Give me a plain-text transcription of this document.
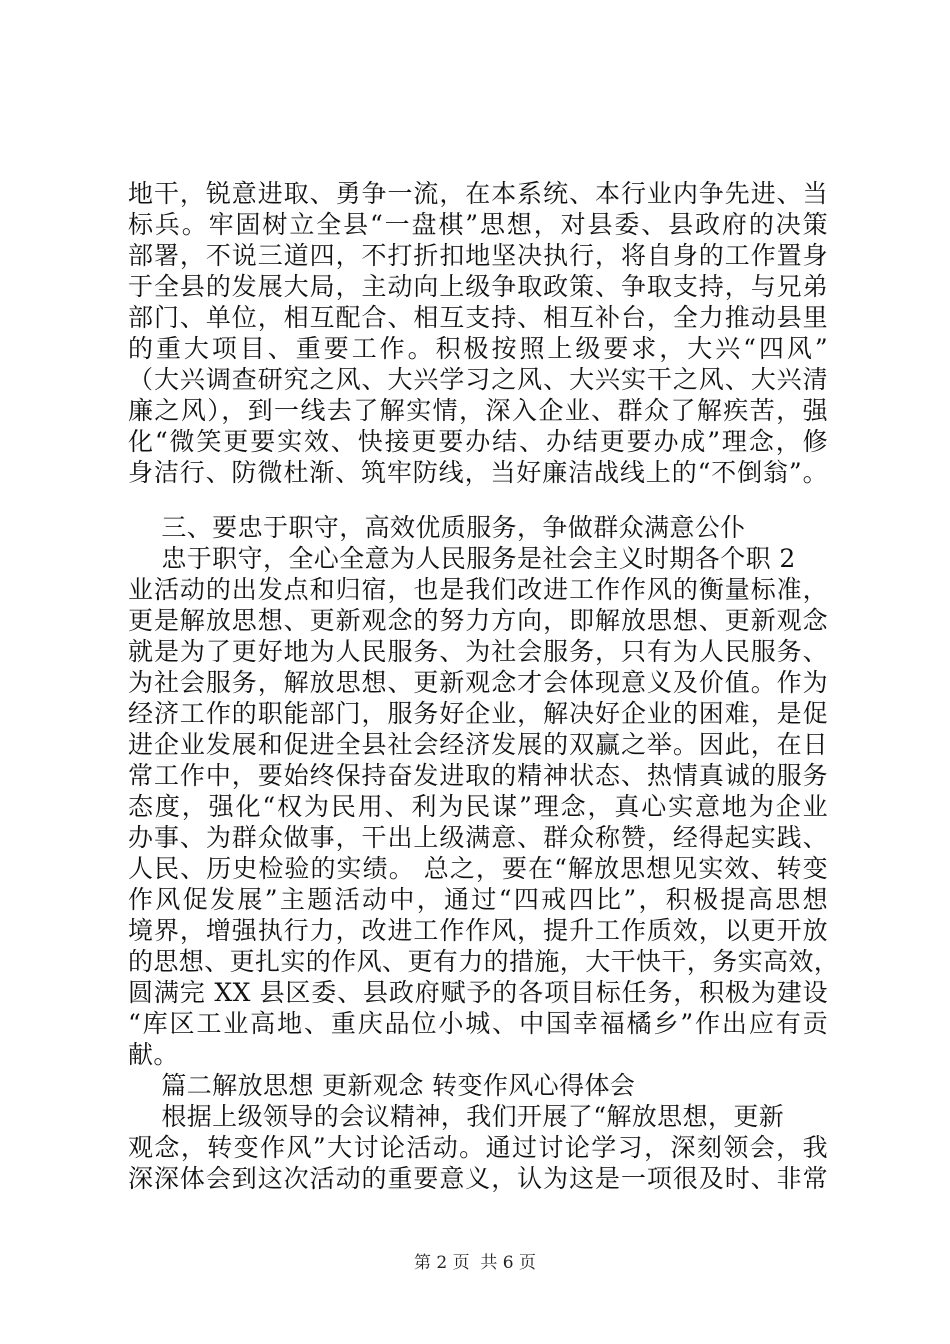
地干，锐意进取、勇争一流，在本系统、本行业内争先进、当
标兵。牢固树立全县“一盘棋”思想，对县委、县政府的决策
部署，不说三道四，不打折扣地坚决执行，将自身的工作置身
于全县的发展大局，主动向上级争取政策、争取支持，与兄弟
部门、单位，相互配合、相互支持、相互补台，全力推动县里
的重大项目、重要工作。积极按照上级要求，大兴“四风”
（大兴调查研究之风、大兴学习之风、大兴实干之风、大兴清
廉之风），到一线去了解实情，深入企业、群众了解疾苦，强
化“微笑更要实效、快接更要办结、办结更要办成”理念，修
身洁行、防微杜渐、筑牢防线，当好廉洁战线上的“不倒翁”。
三、要忠于职守，高效优质服务，争做群众满意公仆
忠于职守，全心全意为人民服务是社会主义时期各个职 2
业活动的出发点和归宿，也是我们改进工作作风的衡量标准，
更是解放思想、更新观念的努力方向，即解放思想、更新观念
就是为了更好地为人民服务、为社会服务，只有为人民服务、
为社会服务，解放思想、更新观念才会体现意义及价值。作为
经济工作的职能部门，服务好企业，解决好企业的困难，是促
进企业发展和促进全县社会经济发展的双赢之举。因此，在日
常工作中，要始终保持奋发进取的精神状态、热情真诚的服务
态度，强化“权为民用、利为民谋”理念，真心实意地为企业
办事、为群众做事，干出上级满意、群众称赞，经得起实践、
人民、历史检验的实绩。 总之，要在“解放思想见实效、转变
作风促发展”主题活动中，通过“四戒四比”，积极提高思想
境界，增强执行力，改进工作作风，提升工作质效，以更开放
的思想、更扎实的作风、更有力的措施，大干快干，务实高效，
圆满完 XX 县区委、县政府赋予的各项目标任务，积极为建设
“库区工业高地、重庆品位小城、中国幸福橘乡”作出应有贡
献。
篇二解放思想 更新观念 转变作风心得体会
根据上级领导的会议精神，我们开展了“解放思想，更新
观念，转变作风”大讨论活动。通过讨论学习，深刻领会，我
深深体会到这次活动的重要意义，认为这是一项很及时、非常
第 2 页  共 6 页
